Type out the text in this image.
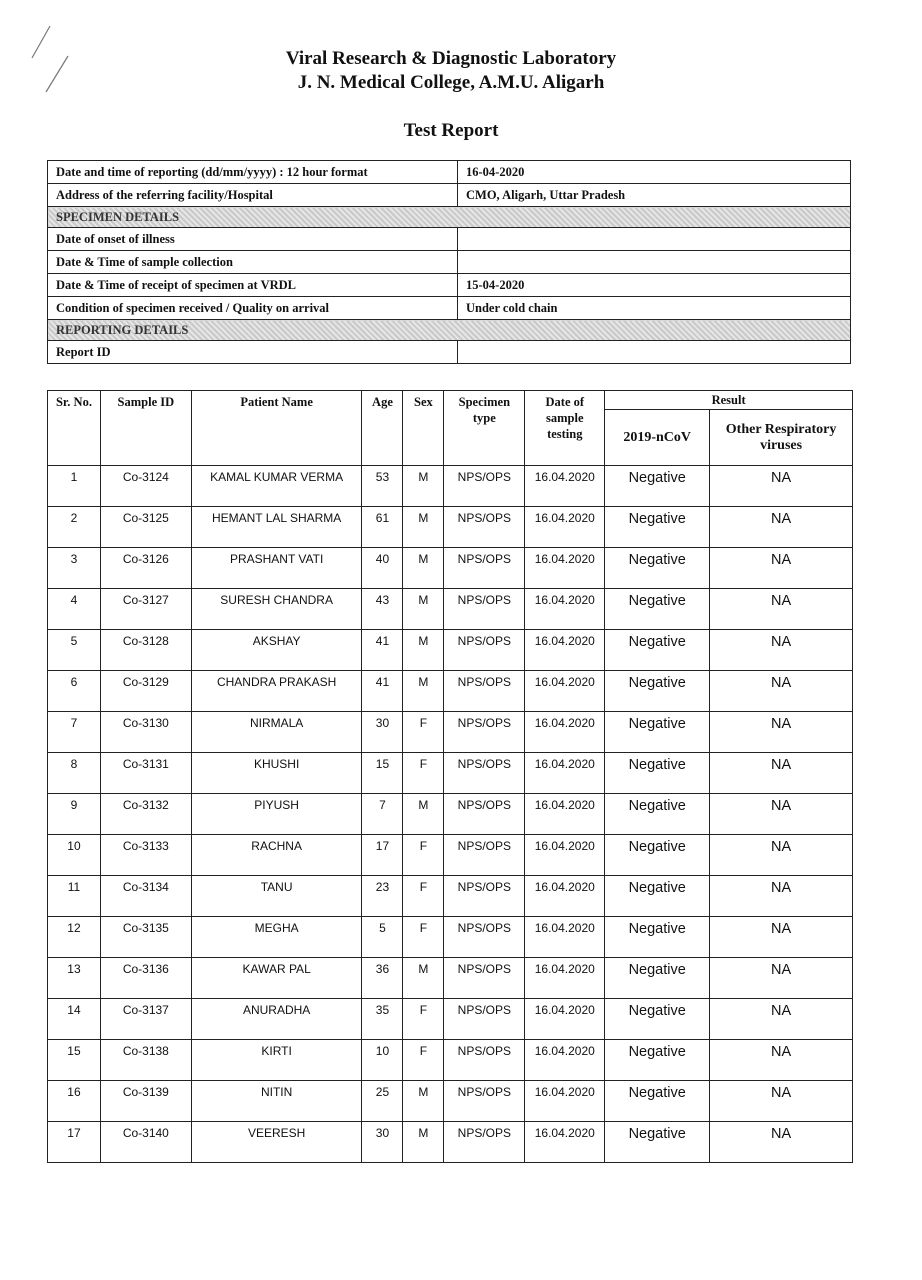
Viral Research & Diagnostic Laboratory
J. N. Medical College, A.M.U. Aligarh
Test Report
Date and time of reporting (dd/mm/yyyy) : 12 hour format	16-04-2020
Address of the referring facility/Hospital	CMO, Aligarh, Uttar Pradesh
SPECIMEN DETAILS	
Date of onset of illness	
Date & Time of sample collection	
Date & Time of receipt of specimen at VRDL	15-04-2020
Condition of specimen received / Quality on arrival	Under cold chain
REPORTING DETAILS	
Report ID	
Sr. No.	Sample ID	Patient Name	Age	Sex	Specimen type	Date of sample testing	Result	
							2019-nCoV	Other Respiratory viruses
1	Co-3124	KAMAL KUMAR VERMA	53	M	NPS/OPS	16.04.2020	Negative	NA
2	Co-3125	HEMANT LAL SHARMA	61	M	NPS/OPS	16.04.2020	Negative	NA
3	Co-3126	PRASHANT VATI	40	M	NPS/OPS	16.04.2020	Negative	NA
4	Co-3127	SURESH CHANDRA	43	M	NPS/OPS	16.04.2020	Negative	NA
5	Co-3128	AKSHAY	41	M	NPS/OPS	16.04.2020	Negative	NA
6	Co-3129	CHANDRA PRAKASH	41	M	NPS/OPS	16.04.2020	Negative	NA
7	Co-3130	NIRMALA	30	F	NPS/OPS	16.04.2020	Negative	NA
8	Co-3131	KHUSHI	15	F	NPS/OPS	16.04.2020	Negative	NA
9	Co-3132	PIYUSH	7	M	NPS/OPS	16.04.2020	Negative	NA
10	Co-3133	RACHNA	17	F	NPS/OPS	16.04.2020	Negative	NA
11	Co-3134	TANU	23	F	NPS/OPS	16.04.2020	Negative	NA
12	Co-3135	MEGHA	5	F	NPS/OPS	16.04.2020	Negative	NA
13	Co-3136	KAWAR PAL	36	M	NPS/OPS	16.04.2020	Negative	NA
14	Co-3137	ANURADHA	35	F	NPS/OPS	16.04.2020	Negative	NA
15	Co-3138	KIRTI	10	F	NPS/OPS	16.04.2020	Negative	NA
16	Co-3139	NITIN	25	M	NPS/OPS	16.04.2020	Negative	NA
17	Co-3140	VEERESH	30	M	NPS/OPS	16.04.2020	Negative	NA
